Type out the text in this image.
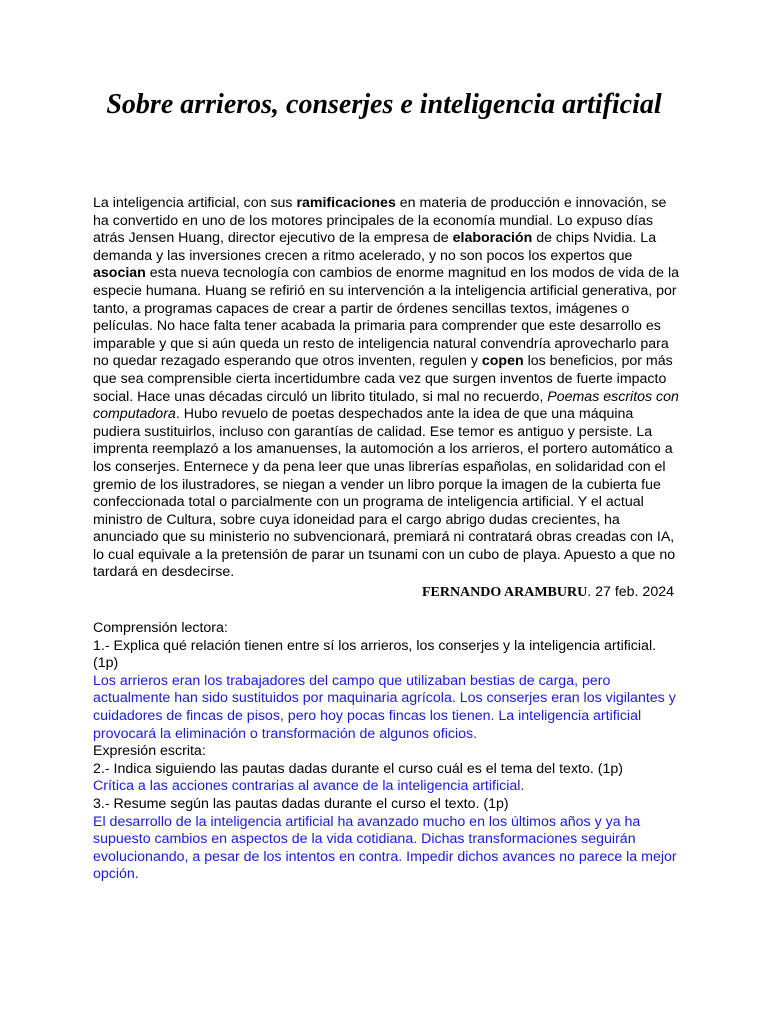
Sobre arrieros, conserjes e inteligencia artificial

La inteligencia artificial, con sus ramificaciones en materia de producción e innovación, se ha convertido en uno de los motores principales de la economía mundial. Lo expuso días atrás Jensen Huang, director ejecutivo de la empresa de elaboración de chips Nvidia. La demanda y las inversiones crecen a ritmo acelerado, y no son pocos los expertos que asocian esta nueva tecnología con cambios de enorme magnitud en los modos de vida de la especie humana. Huang se refirió en su intervención a la inteligencia artificial generativa, por tanto, a programas capaces de crear a partir de órdenes sencillas textos, imágenes o películas. No hace falta tener acabada la primaria para comprender que este desarrollo es imparable y que si aún queda un resto de inteligencia natural convendría aprovecharlo para no quedar rezagado esperando que otros inventen, regulen y copen los beneficios, por más que sea comprensible cierta incertidumbre cada vez que surgen inventos de fuerte impacto social. Hace unas décadas circuló un librito titulado, si mal no recuerdo, Poemas escritos con computadora. Hubo revuelo de poetas despechados ante la idea de que una máquina pudiera sustituirlos, incluso con garantías de calidad. Ese temor es antiguo y persiste. La imprenta reemplazó a los amanuenses, la automoción a los arrieros, el portero automático a los conserjes. Enternece y da pena leer que unas librerías españolas, en solidaridad con el gremio de los ilustradores, se niegan a vender un libro porque la imagen de la cubierta fue confeccionada total o parcialmente con un programa de inteligencia artificial. Y el actual ministro de Cultura, sobre cuya idoneidad para el cargo abrigo dudas crecientes, ha anunciado que su ministerio no subvencionará, premiará ni contratará obras creadas con IA, lo cual equivale a la pretensión de parar un tsunami con un cubo de playa. Apuesto a que no tardará en desdecirse.

FERNANDO ARAMBURU. 27 feb. 2024

Comprensión lectora:

1.- Explica qué relación tienen entre sí los arrieros, los conserjes y la inteligencia artificial. (1p)

Los arrieros eran los trabajadores del campo que utilizaban bestias de carga, pero actualmente han sido sustituidos por maquinaria agrícola. Los conserjes eran los vigilantes y cuidadores de fincas de pisos, pero hoy pocas fincas los tienen. La inteligencia artificial provocará la eliminación o transformación de algunos oficios.

Expresión escrita:

2.- Indica siguiendo las pautas dadas durante el curso cuál es el tema del texto. (1p)

Crítica a las acciones contrarias al avance de la inteligencia artificial.

3.- Resume según las pautas dadas durante el curso el texto. (1p)

El desarrollo de la inteligencia artificial ha avanzado mucho en los últimos años y ya ha supuesto cambios en aspectos de la vida cotidiana. Dichas transformaciones seguirán evolucionando, a pesar de los intentos en contra. Impedir dichos avances no parece la mejor opción.
